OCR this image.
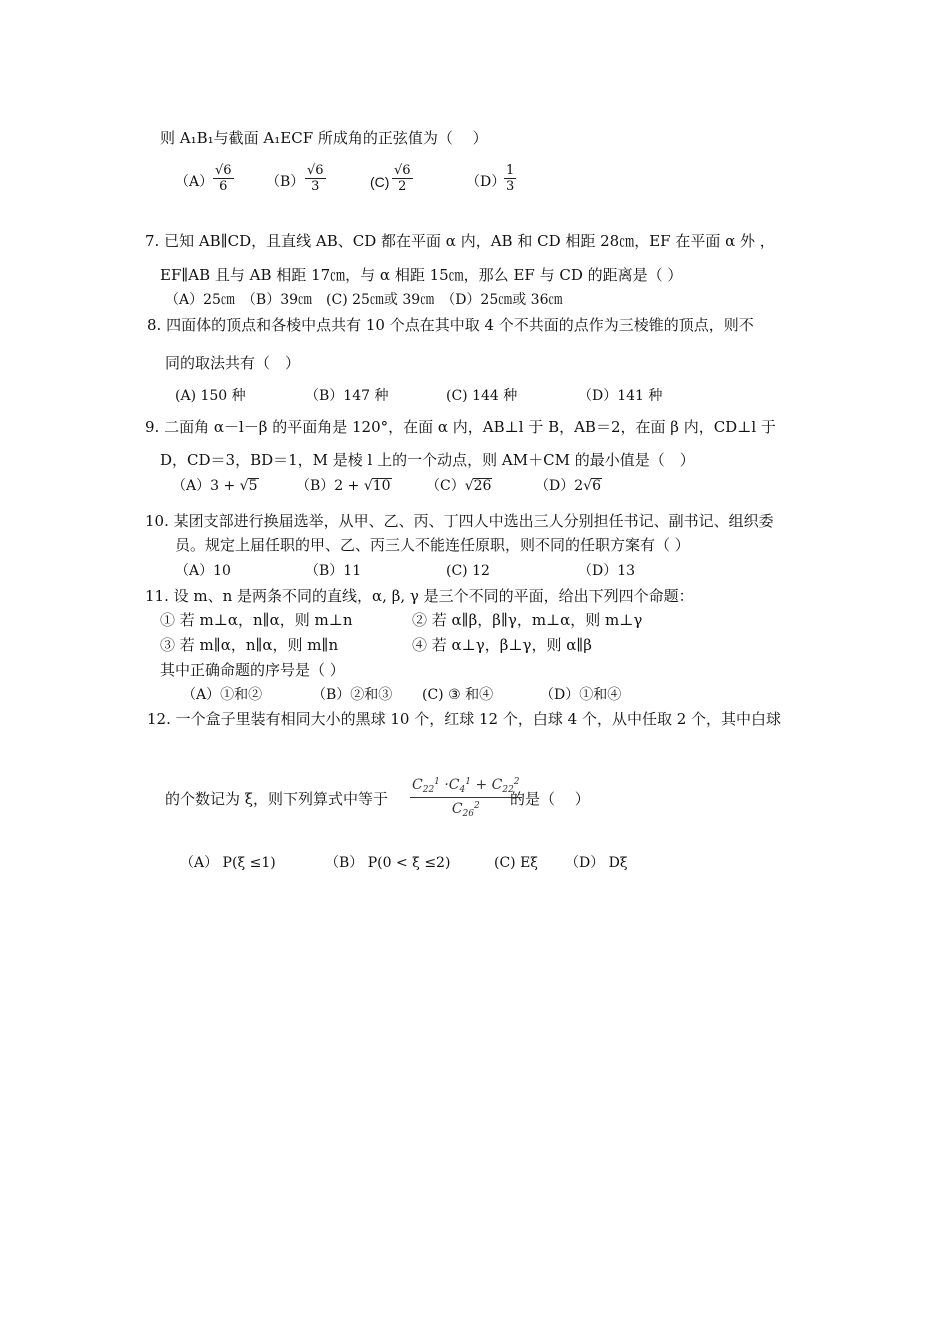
则 A₁B₁与截面 A₁ECF 所成角的正弦值为（　 ）
$(A) \frac{√6}{6} (B) \frac{√6}{3}$	$(C) \frac{√6}{2}$	（D）
$\frac{1}{3}$
7. 已知 AB∥CD，且直线 AB、CD 都在平面 α 内，AB 和 CD 相距 28㎝，EF 在平面 α 外 ，
EF∥AB 且与 AB 相距 17㎝，与 α 相距 15㎝，那么 EF 与 CD 的距离是（ ）
（A）25㎝　（B）39㎝　(C) 25㎝或 39㎝　（D）25㎝或 36㎝
8. 四面体的顶点和各棱中点共有 10 个点在其中取 4 个不共面的点作为三棱锥的顶点，则不
同的取法共有（　）
(A) 150 种	（B）147 种	(C) 144 种	（D）141 种
9. 二面角 α－l－β 的平面角是 120°，在面 α 内，AB⊥l 于 B，AB＝2，在面 β 内，CD⊥l 于
D，CD＝3，BD＝1，M 是棱 l 上的一个动点，则 AM＋CM 的最小值是（　）
（A）3 + √5	（B）2 + √10	（C）√26	（D）2√6
10. 某团支部进行换届选举，从甲、乙、丙、丁四人中选出三人分别担任书记、副书记、组织委
员。规定上届任职的甲、乙、丙三人不能连任原职，则不同的任职方案有（ ）
（A）10	（B）11	(C) 12	（D）13
11. 设 m、n 是两条不同的直线，α, β, γ 是三个不同的平面，给出下列四个命题：
① 若 m⊥α，n∥α，则 m⊥n	② 若 α∥β，β∥γ，m⊥α，则 m⊥γ
③ 若 m∥α，n∥α，则 m∥n	④ 若 α⊥γ，β⊥γ，则 α∥β
其中正确命题的序号是（ ）
（A）①和②	（B）②和③ (C) ③ 和④	（D）①和④
12. 一个盒子里装有相同大小的黑球 10 个，红球 12 个，白球 4 个，从中任取 2 个，其中白球
的个数记为 ξ，则下列算式中等于 $\frac{C_{22}^1 \cdot C_4^1 + C_{22}^2}{C_{26}^2}$
的是（　 ）
（A） P(ξ ≤1)	（B） P(0 < ξ ≤2)	(C) Eξ （D） Dξ
